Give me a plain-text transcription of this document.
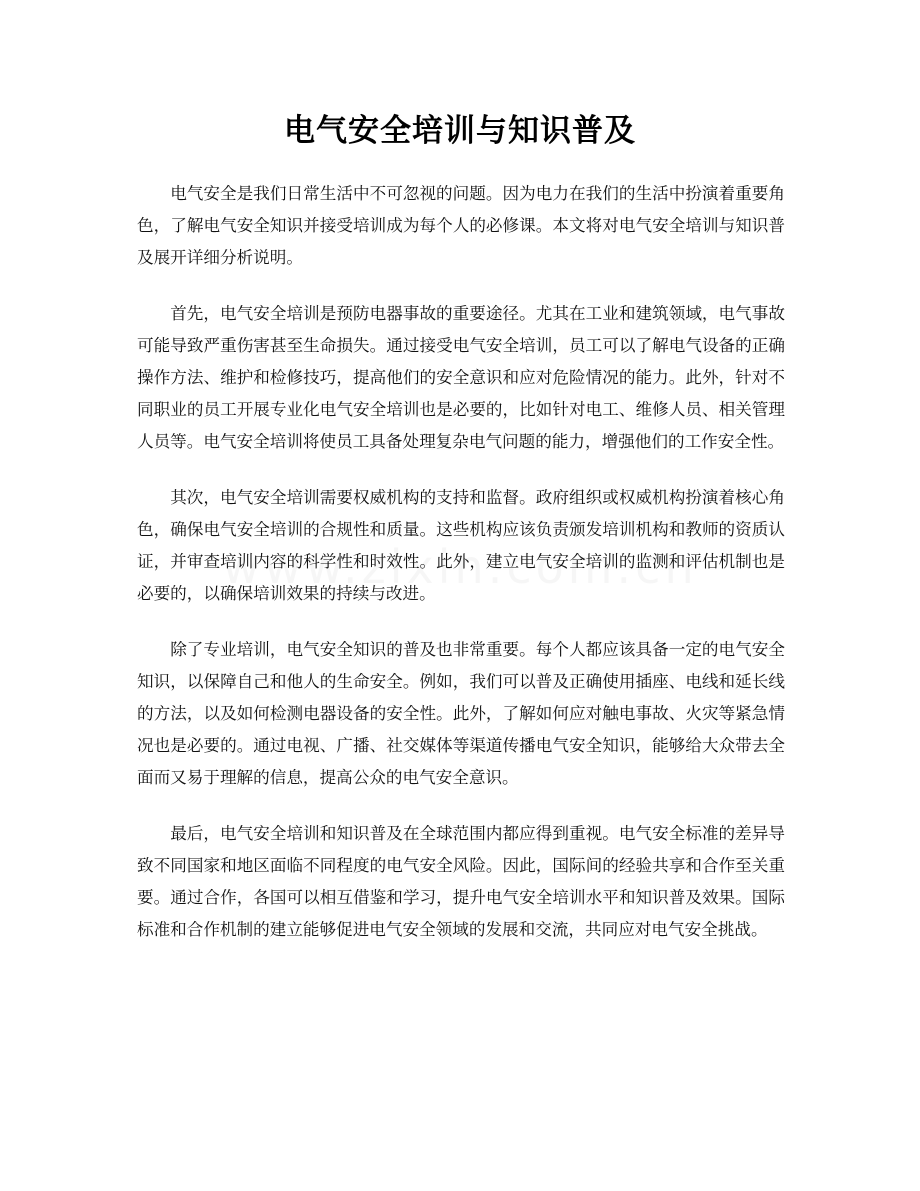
电气安全培训与知识普及

电气安全是我们日常生活中不可忽视的问题。因为电力在我们的生活中扮演着重要角色，了解电气安全知识并接受培训成为每个人的必修课。本文将对电气安全培训与知识普及展开详细分析说明。

首先，电气安全培训是预防电器事故的重要途径。尤其在工业和建筑领域，电气事故可能导致严重伤害甚至生命损失。通过接受电气安全培训，员工可以了解电气设备的正确操作方法、维护和检修技巧，提高他们的安全意识和应对危险情况的能力。此外，针对不同职业的员工开展专业化电气安全培训也是必要的，比如针对电工、维修人员、相关管理人员等。电气安全培训将使员工具备处理复杂电气问题的能力，增强他们的工作安全性。

其次，电气安全培训需要权威机构的支持和监督。政府组织或权威机构扮演着核心角色，确保电气安全培训的合规性和质量。这些机构应该负责颁发培训机构和教师的资质认证，并审查培训内容的科学性和时效性。此外，建立电气安全培训的监测和评估机制也是必要的，以确保培训效果的持续与改进。

除了专业培训，电气安全知识的普及也非常重要。每个人都应该具备一定的电气安全知识，以保障自己和他人的生命安全。例如，我们可以普及正确使用插座、电线和延长线的方法，以及如何检测电器设备的安全性。此外，了解如何应对触电事故、火灾等紧急情况也是必要的。通过电视、广播、社交媒体等渠道传播电气安全知识，能够给大众带去全面而又易于理解的信息，提高公众的电气安全意识。

最后，电气安全培训和知识普及在全球范围内都应得到重视。电气安全标准的差异导致不同国家和地区面临不同程度的电气安全风险。因此，国际间的经验共享和合作至关重要。通过合作，各国可以相互借鉴和学习，提升电气安全培训水平和知识普及效果。国际标准和合作机制的建立能够促进电气安全领域的发展和交流，共同应对电气安全挑战。
